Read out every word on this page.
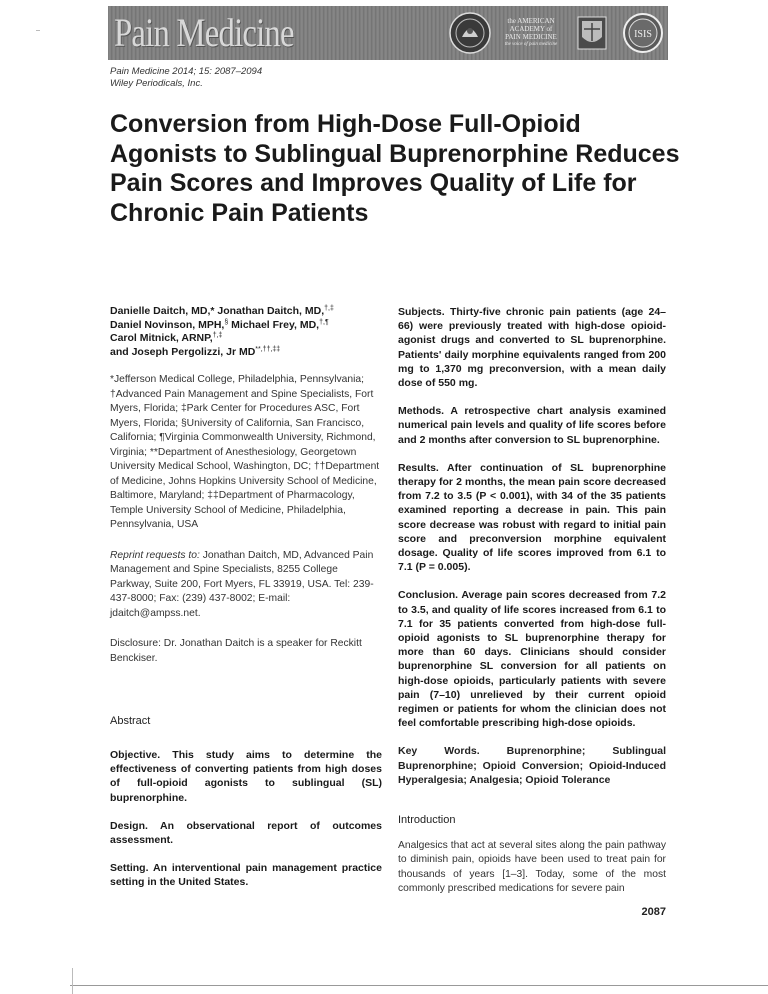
Pain Medicine	the AMERICAN
ACADEMY of
PAIN MEDICINE
the voice of pain medicine
ISIS
Pain Medicine 2014; 15: 2087–2094
Wiley Periodicals, Inc.
Conversion from High-Dose Full-Opioid Agonists to Sublingual Buprenorphine Reduces Pain Scores and Improves Quality of Life for Chronic Pain Patients
Danielle Daitch, MD,* Jonathan Daitch, MD,†,‡
Daniel Novinson, MPH,§ Michael Frey, MD,†,¶
Carol Mitnick, ARNP,†,‡
and Joseph Pergolizzi, Jr MD**,††,‡‡
*Jefferson Medical College, Philadelphia, Pennsylvania; †Advanced Pain Management and Spine Specialists, Fort Myers, Florida; ‡Park Center for Procedures ASC, Fort Myers, Florida; §University of California, San Francisco, California; ¶Virginia Commonwealth University, Richmond, Virginia; **Department of Anesthesiology, Georgetown University Medical School, Washington, DC; ††Department of Medicine, Johns Hopkins University School of Medicine, Baltimore, Maryland; ‡‡Department of Pharmacology, Temple University School of Medicine, Philadelphia, Pennsylvania, USA
Reprint requests to: Jonathan Daitch, MD, Advanced Pain Management and Spine Specialists, 8255 College Parkway, Suite 200, Fort Myers, FL 33919, USA. Tel: 239-437-8000; Fax: (239) 437-8002; E-mail: jdaitch@ampss.net.
Disclosure: Dr. Jonathan Daitch is a speaker for Reckitt Benckiser.
Abstract
Objective. This study aims to determine the effectiveness of converting patients from high doses of full-opioid agonists to sublingual (SL) buprenorphine.
Design. An observational report of outcomes assessment.
Setting. An interventional pain management practice setting in the United States.
Subjects. Thirty-five chronic pain patients (age 24–66) were previously treated with high-dose opioid-agonist drugs and converted to SL buprenorphine. Patients' daily morphine equivalents ranged from 200 mg to 1,370 mg preconversion, with a mean daily dose of 550 mg.
Methods. A retrospective chart analysis examined numerical pain levels and quality of life scores before and 2 months after conversion to SL buprenorphine.
Results. After continuation of SL buprenorphine therapy for 2 months, the mean pain score decreased from 7.2 to 3.5 (P < 0.001), with 34 of the 35 patients examined reporting a decrease in pain. This pain score decrease was robust with regard to initial pain score and preconversion morphine equivalent dosage. Quality of life scores improved from 6.1 to 7.1 (P = 0.005).
Conclusion. Average pain scores decreased from 7.2 to 3.5, and quality of life scores increased from 6.1 to 7.1 for 35 patients converted from high-dose full-opioid agonists to SL buprenorphine therapy for more than 60 days. Clinicians should consider buprenorphine SL conversion for all patients on high-dose opioids, particularly patients with severe pain (7–10) unrelieved by their current opioid regimen or patients for whom the clinician does not feel comfortable prescribing high-dose opioids.
Key Words. Buprenorphine; Sublingual Buprenorphine; Opioid Conversion; Opioid-Induced Hyperalgesia; Analgesia; Opioid Tolerance
Introduction
Analgesics that act at several sites along the pain pathway to diminish pain, opioids have been used to treat pain for thousands of years [1–3]. Today, some of the most commonly prescribed medications for severe pain
2087
